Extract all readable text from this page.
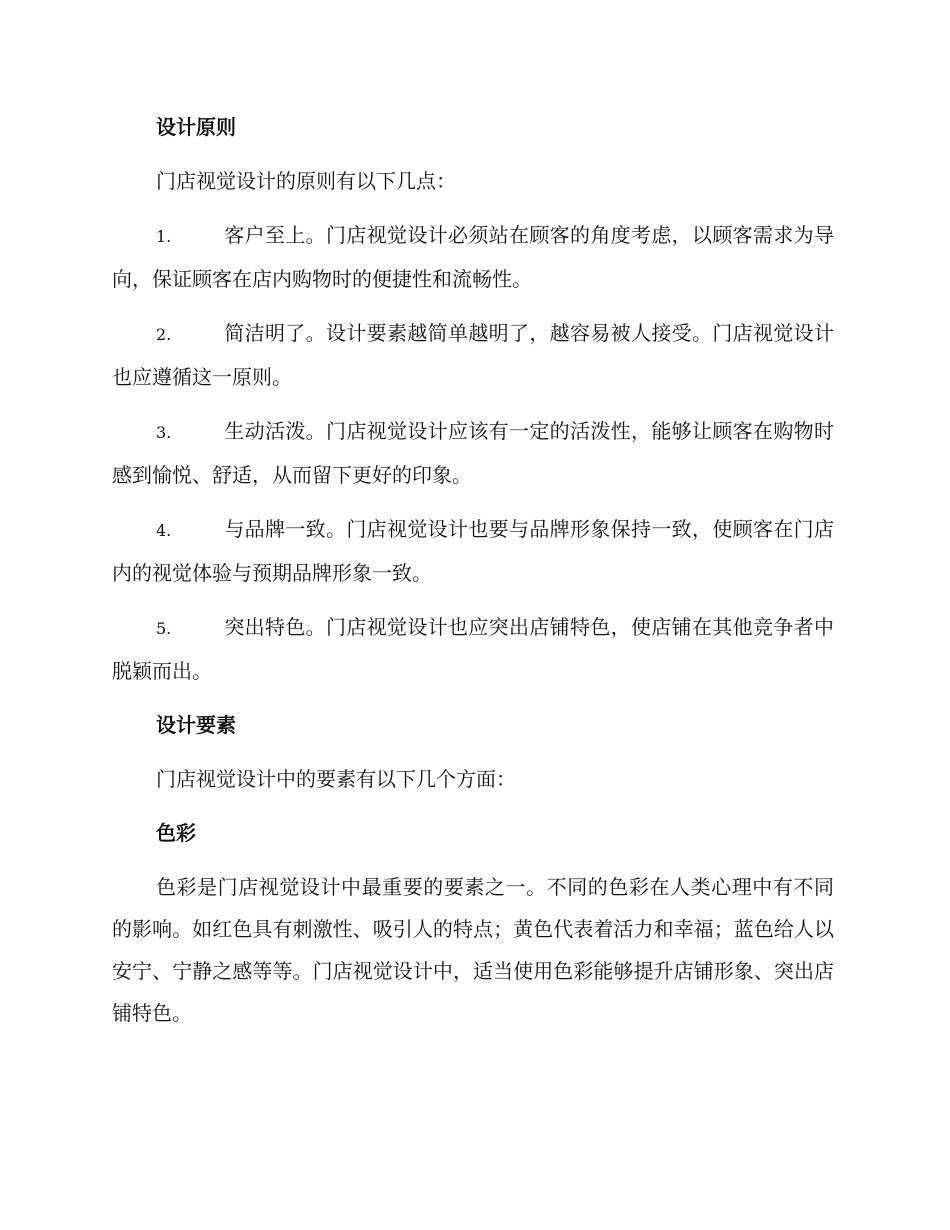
设计原则
门店视觉设计的原则有以下几点：
1.	客户至上。门店视觉设计必须站在顾客的角度考虑，以顾客需求为导向，保证顾客在店内购物时的便捷性和流畅性。
2.	简洁明了。设计要素越简单越明了，越容易被人接受。门店视觉设计也应遵循这一原则。
3.	生动活泼。门店视觉设计应该有一定的活泼性，能够让顾客在购物时感到愉悦、舒适，从而留下更好的印象。
4.	与品牌一致。门店视觉设计也要与品牌形象保持一致，使顾客在门店内的视觉体验与预期品牌形象一致。
5.	突出特色。门店视觉设计也应突出店铺特色，使店铺在其他竞争者中脱颖而出。
设计要素
门店视觉设计中的要素有以下几个方面：
色彩
色彩是门店视觉设计中最重要的要素之一。不同的色彩在人类心理中有不同的影响。如红色具有刺激性、吸引人的特点；黄色代表着活力和幸福；蓝色给人以安宁、宁静之感等等。门店视觉设计中，适当使用色彩能够提升店铺形象、突出店铺特色。
